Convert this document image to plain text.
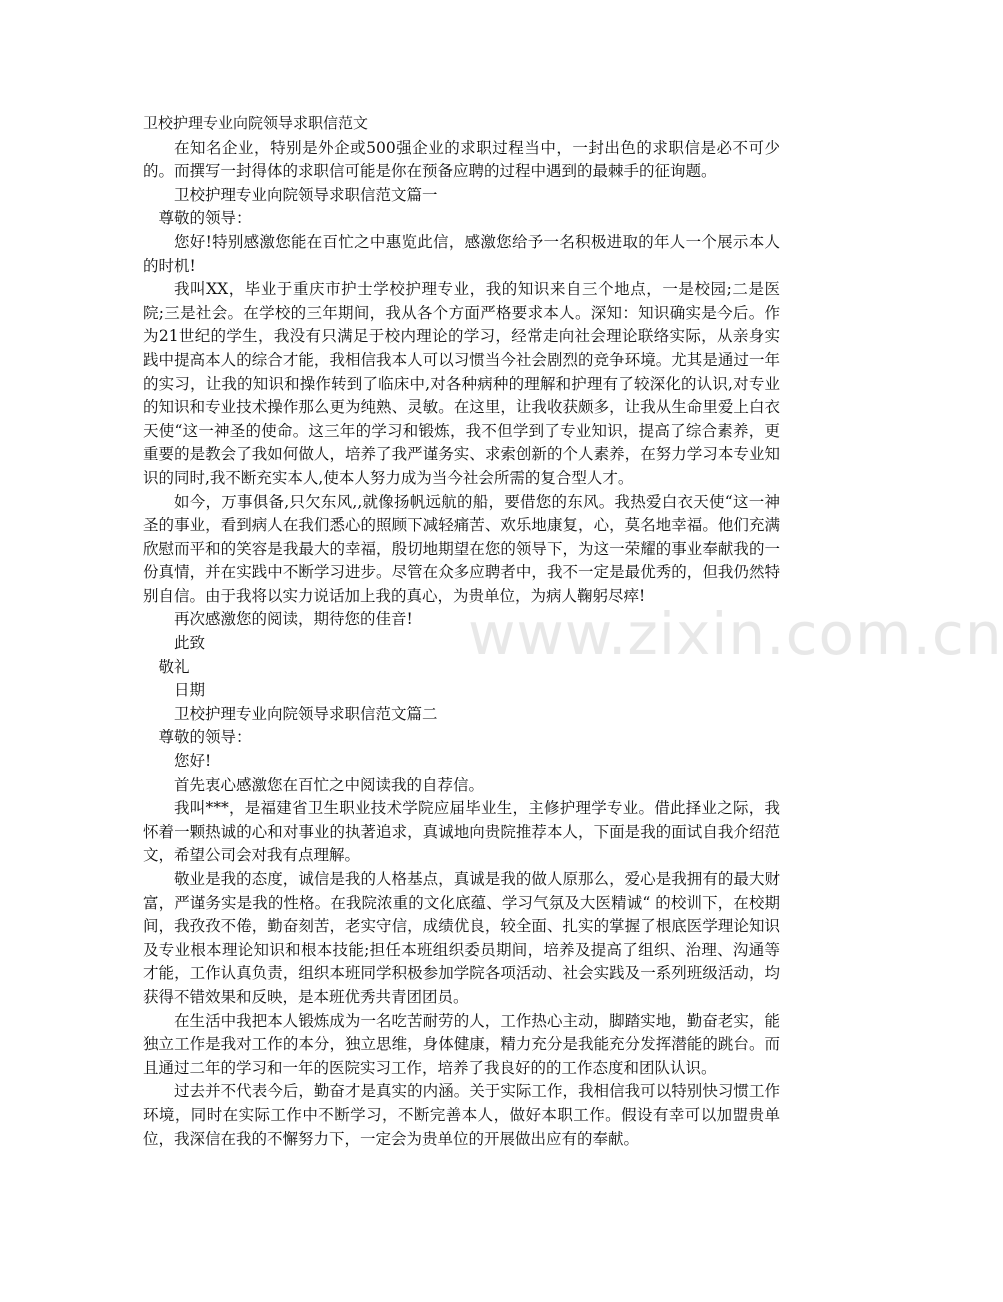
卫校护理专业向院领导求职信范文

在知名企业，特别是外企或500强企业的求职过程当中，一封出色的求职信是必不可少的。而撰写一封得体的求职信可能是你在预备应聘的过程中遇到的最棘手的征询题。

卫校护理专业向院领导求职信范文篇一

尊敬的领导：

您好!特别感激您能在百忙之中惠览此信，感激您给予一名积极进取的年人一个展示本人的时机!

我叫XX，毕业于重庆市护士学校护理专业，我的知识来自三个地点，一是校园;二是医院;三是社会。在学校的三年期间，我从各个方面严格要求本人。深知：知识确实是今后。作为21世纪的学生，我没有只满足于校内理论的学习，经常走向社会理论联络实际，从亲身实践中提高本人的综合才能，我相信我本人可以习惯当今社会剧烈的竞争环境。尤其是通过一年的实习，让我的知识和操作转到了临床中,对各种病种的理解和护理有了较深化的认识,对专业的知识和专业技术操作那么更为纯熟、灵敏。在这里，让我收获颇多，让我从生命里爱上白衣天使“这一神圣的使命。这三年的学习和锻炼，我不但学到了专业知识，提高了综合素养，更重要的是教会了我如何做人，培养了我严谨务实、求索创新的个人素养，在努力学习本专业知识的同时,我不断充实本人,使本人努力成为当今社会所需的复合型人才。

如今，万事俱备,只欠东风,,就像扬帆远航的船，要借您的东风。我热爱白衣天使“这一神圣的事业，看到病人在我们悉心的照顾下减轻痛苦、欢乐地康复，心，莫名地幸福。他们充满欣慰而平和的笑容是我最大的幸福，殷切地期望在您的领导下，为这一荣耀的事业奉献我的一份真情，并在实践中不断学习进步。尽管在众多应聘者中，我不一定是最优秀的，但我仍然特别自信。由于我将以实力说话加上我的真心，为贵单位，为病人鞠躬尽瘁!

再次感激您的阅读，期待您的佳音!

此致

敬礼

日期

卫校护理专业向院领导求职信范文篇二

尊敬的领导：

您好!

首先衷心感激您在百忙之中阅读我的自荐信。

我叫***，是福建省卫生职业技术学院应届毕业生，主修护理学专业。借此择业之际，我怀着一颗热诚的心和对事业的执著追求，真诚地向贵院推荐本人，下面是我的面试自我介绍范文，希望公司会对我有点理解。

敬业是我的态度，诚信是我的人格基点，真诚是我的做人原那么，爱心是我拥有的最大财富，严谨务实是我的性格。在我院浓重的文化底蕴、学习气氛及大医精诚“ 的校训下，在校期间，我孜孜不倦，勤奋刻苦，老实守信，成绩优良，较全面、扎实的掌握了根底医学理论知识及专业根本理论知识和根本技能;担任本班组织委员期间，培养及提高了组织、治理、沟通等才能，工作认真负责，组织本班同学积极参加学院各项活动、社会实践及一系列班级活动，均获得不错效果和反映，是本班优秀共青团团员。

在生活中我把本人锻炼成为一名吃苦耐劳的人，工作热心主动，脚踏实地，勤奋老实，能独立工作是我对工作的本分，独立思维，身体健康，精力充分是我能充分发挥潜能的跳台。而且通过二年的学习和一年的医院实习工作，培养了我良好的的工作态度和团队认识。

过去并不代表今后，勤奋才是真实的内涵。关于实际工作，我相信我可以特别快习惯工作环境，同时在实际工作中不断学习，不断完善本人，做好本职工作。假设有幸可以加盟贵单位，我深信在我的不懈努力下，一定会为贵单位的开展做出应有的奉献。

www.zixin.com.cn
